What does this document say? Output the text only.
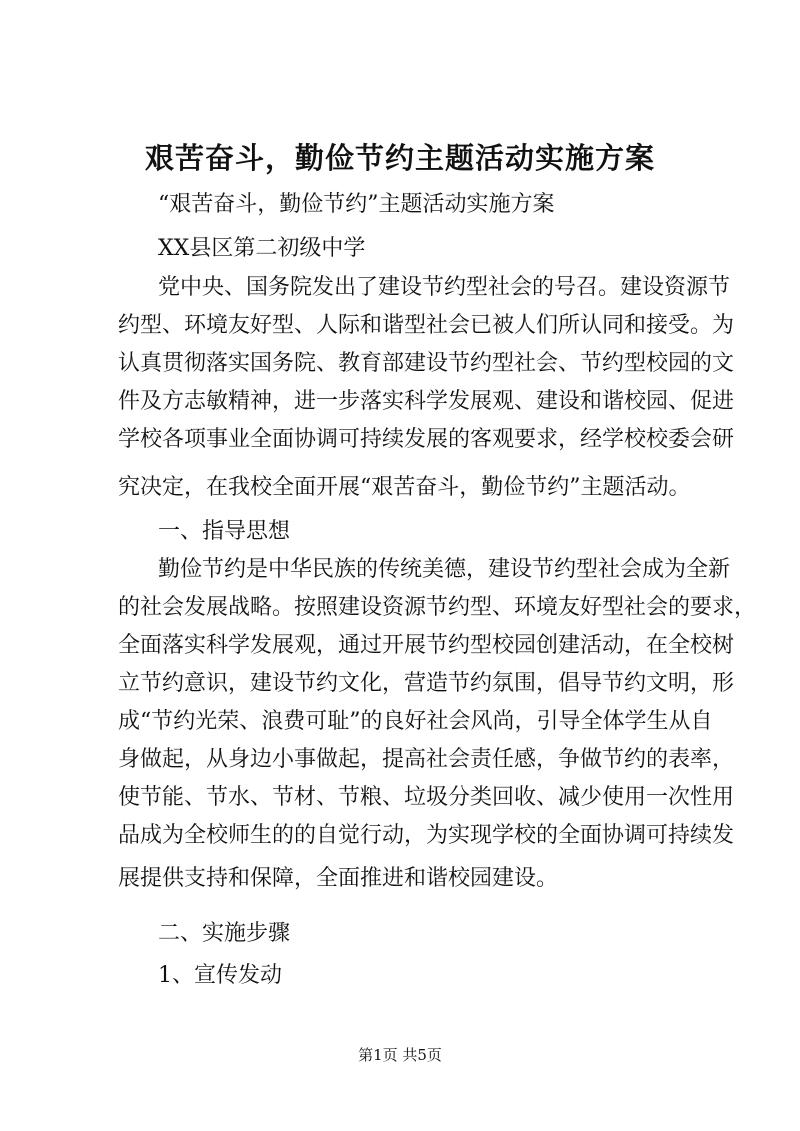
艰苦奋斗，勤俭节约主题活动实施方案

“艰苦奋斗，勤俭节约”主题活动实施方案

XX县区第二初级中学

党中央、国务院发出了建设节约型社会的号召。建设资源节

约型、环境友好型、人际和谐型社会已被人们所认同和接受。为

认真贯彻落实国务院、教育部建设节约型社会、节约型校园的文

件及方志敏精神，进一步落实科学发展观、建设和谐校园、促进

学校各项事业全面协调可持续发展的客观要求，经学校校委会研

究决定，在我校全面开展“艰苦奋斗，勤俭节约”主题活动。

一、指导思想

勤俭节约是中华民族的传统美德，建设节约型社会成为全新

的社会发展战略。按照建设资源节约型、环境友好型社会的要求，

全面落实科学发展观，通过开展节约型校园创建活动，在全校树

立节约意识，建设节约文化，营造节约氛围，倡导节约文明，形

成“节约光荣、浪费可耻”的良好社会风尚，引导全体学生从自

身做起，从身边小事做起，提高社会责任感，争做节约的表率，

使节能、节水、节材、节粮、垃圾分类回收、减少使用一次性用

品成为全校师生的的自觉行动，为实现学校的全面协调可持续发

展提供支持和保障，全面推进和谐校园建设。

二、实施步骤

1、宣传发动

第1页 共5页
